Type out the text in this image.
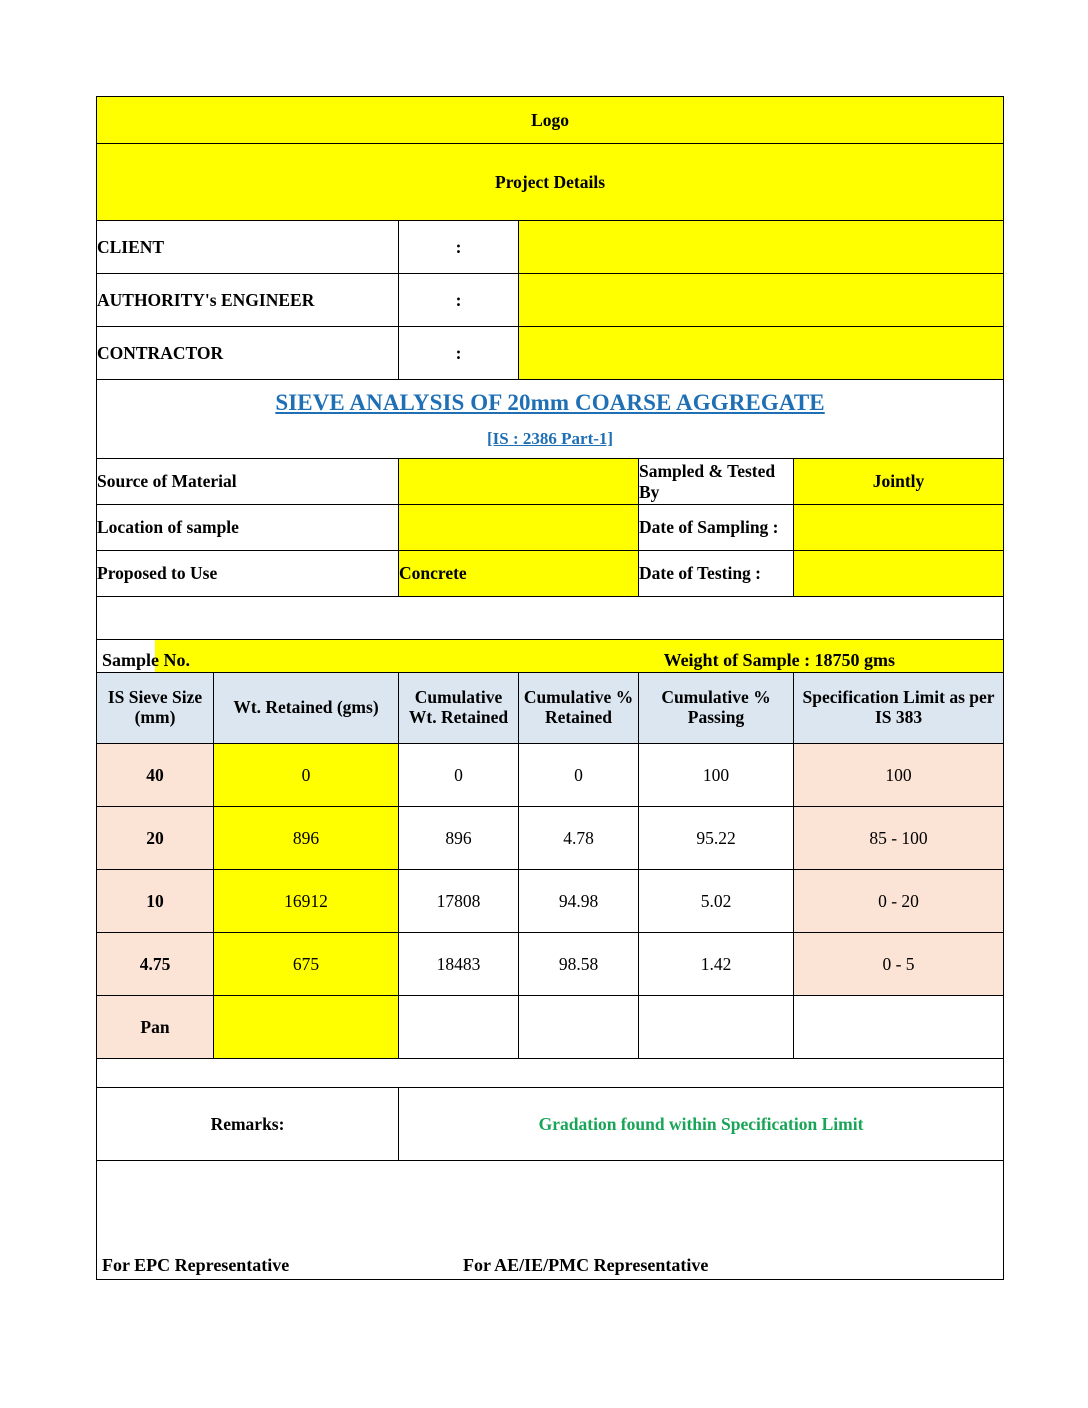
Logo					
Project Details					
CLIENT		:			
AUTHORITY's ENGINEER		:			
CONTRACTOR		:			

SIEVE ANALYSIS OF 20mm COARSE AGGREGATE
[IS : 2386 Part-1]					

Source of Material				Sampled & Tested By	Jointly
Location of sample				Date of Sampling :	
Proposed to Use		Concrete		Date of Testing :	

Sample No. Weight of Sample : 18750 gms					

IS Sieve Size (mm)	Wt. Retained (gms)	Cumulative Wt. Retained	Cumulative % Retained	Cumulative % Passing	Specification Limit as per IS 383
40	0	0	0	100	100
20	896	896	4.78	95.22	85 - 100
10	16912	17808	94.98	5.02	0 - 20
4.75	675	18483	98.58	1.42	0 - 5
Pan					

Remarks:		Gradation found within Specification Limit			

For EPC Representative For AE/IE/PMC Representative					
